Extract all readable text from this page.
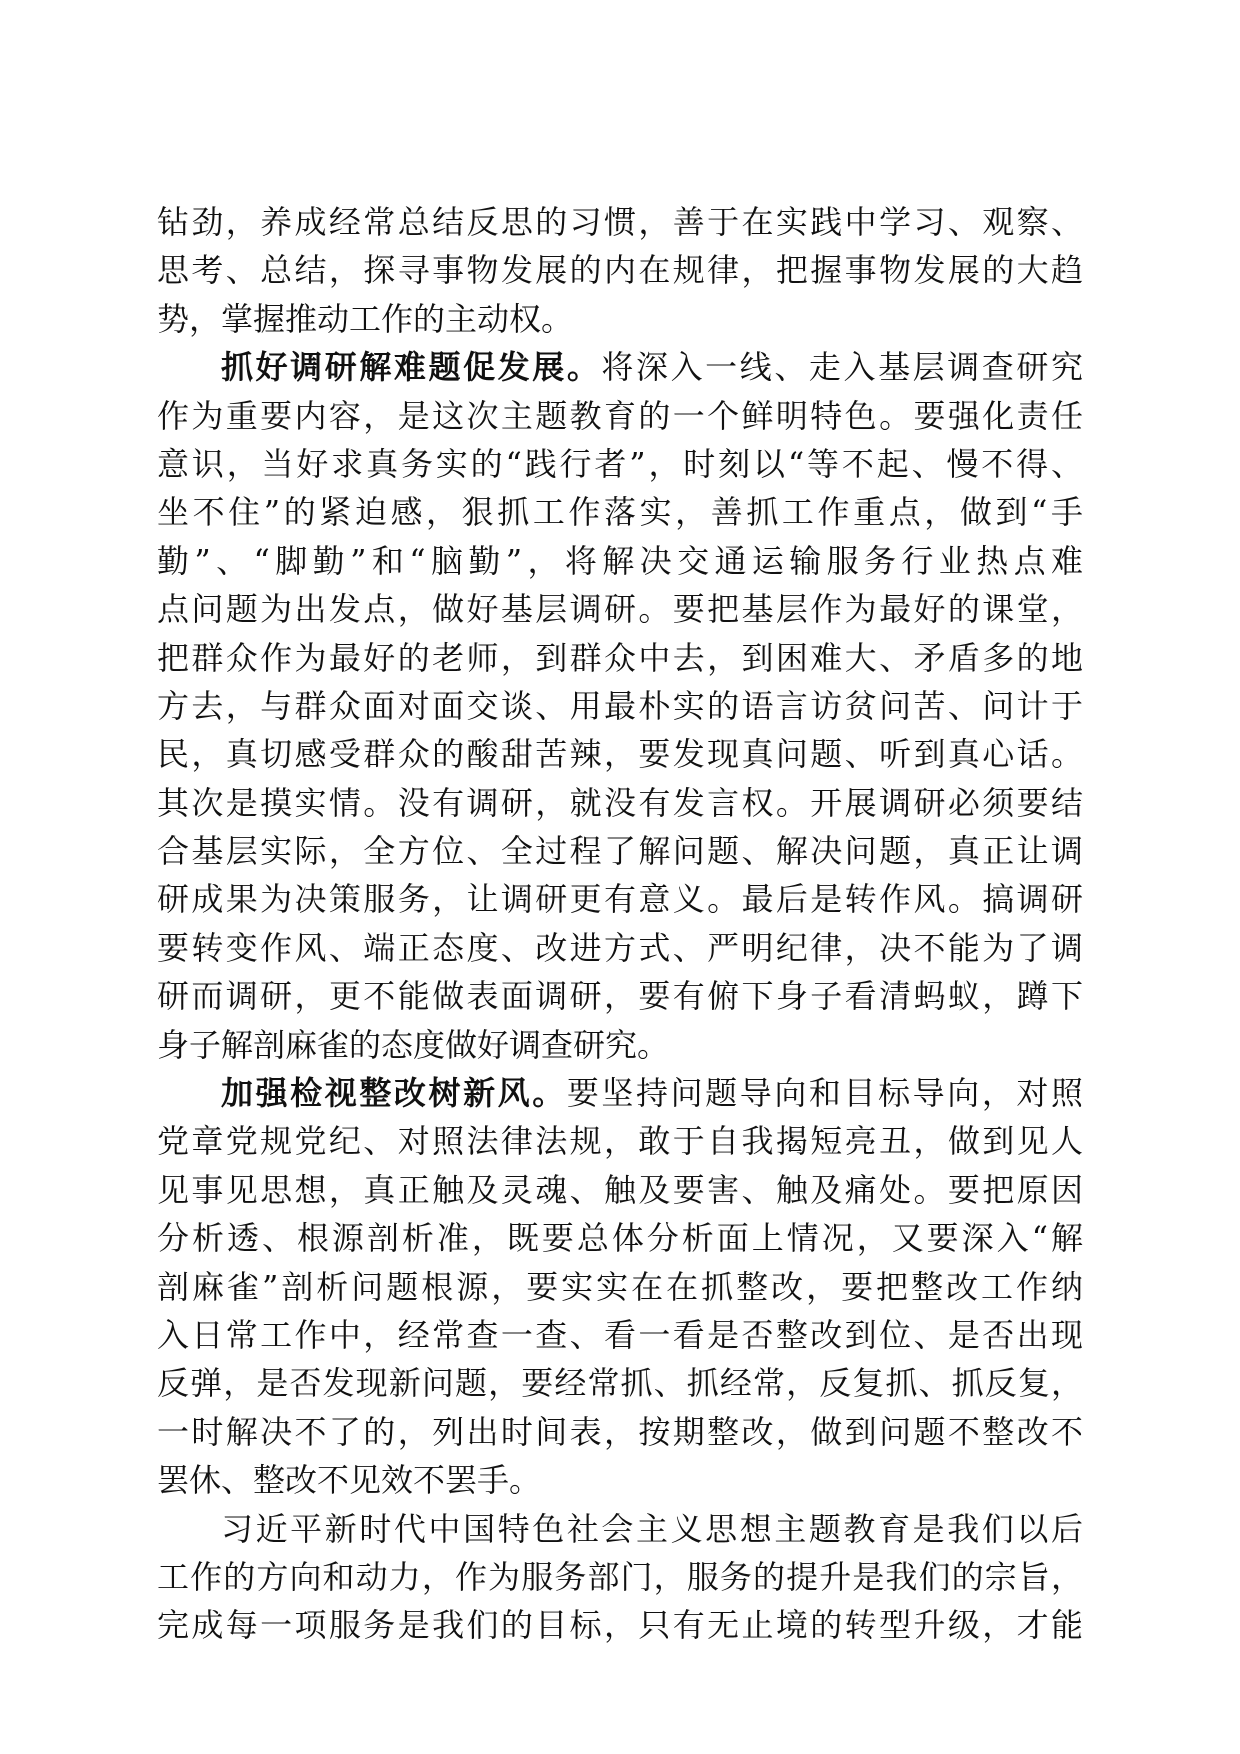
钻劲，养成经常总结反思的习惯，善于在实践中学习、观察、
思考、总结，探寻事物发展的内在规律，把握事物发展的大趋
势，掌握推动工作的主动权。
抓好调研解难题促发展。将深入一线、走入基层调查研究
作为重要内容，是这次主题教育的一个鲜明特色。要强化责任
意识，当好求真务实的“践行者”，时刻以“等不起、慢不得、
坐不住”的紧迫感，狠抓工作落实，善抓工作重点，做到“手
勤”、“脚勤”和“脑勤”，将解决交通运输服务行业热点难
点问题为出发点，做好基层调研。要把基层作为最好的课堂，
把群众作为最好的老师，到群众中去，到困难大、矛盾多的地
方去，与群众面对面交谈、用最朴实的语言访贫问苦、问计于
民，真切感受群众的酸甜苦辣，要发现真问题、听到真心话。
其次是摸实情。没有调研，就没有发言权。开展调研必须要结
合基层实际，全方位、全过程了解问题、解决问题，真正让调
研成果为决策服务，让调研更有意义。最后是转作风。搞调研
要转变作风、端正态度、改进方式、严明纪律，决不能为了调
研而调研，更不能做表面调研，要有俯下身子看清蚂蚁，蹲下
身子解剖麻雀的态度做好调查研究。
加强检视整改树新风。要坚持问题导向和目标导向，对照
党章党规党纪、对照法律法规，敢于自我揭短亮丑，做到见人
见事见思想，真正触及灵魂、触及要害、触及痛处。要把原因
分析透、根源剖析准，既要总体分析面上情况，又要深入“解
剖麻雀”剖析问题根源，要实实在在抓整改，要把整改工作纳
入日常工作中，经常查一查、看一看是否整改到位、是否出现
反弹，是否发现新问题，要经常抓、抓经常，反复抓、抓反复，
一时解决不了的，列出时间表，按期整改，做到问题不整改不
罢休、整改不见效不罢手。
习近平新时代中国特色社会主义思想主题教育是我们以后
工作的方向和动力，作为服务部门，服务的提升是我们的宗旨，
完成每一项服务是我们的目标，只有无止境的转型升级，才能
